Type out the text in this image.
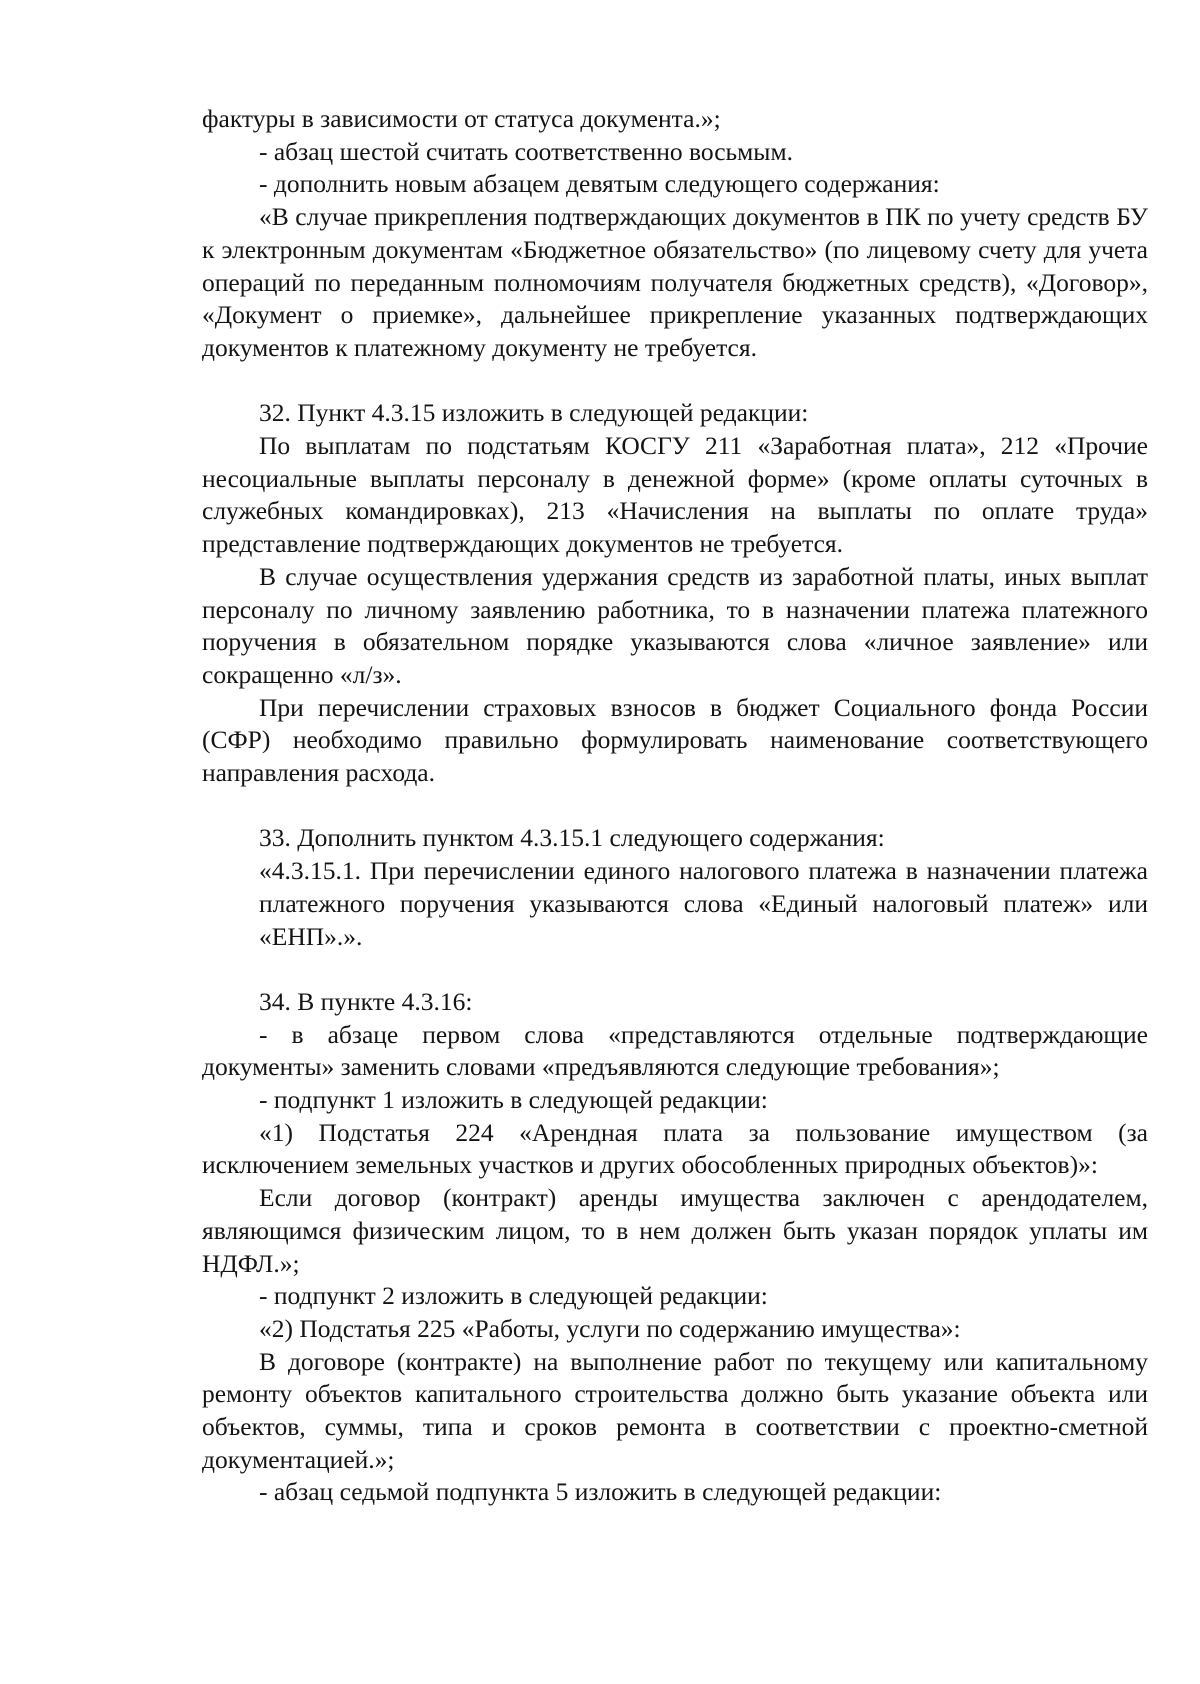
фактуры в зависимости от статуса документа.»;

- абзац шестой считать соответственно восьмым.

- дополнить новым абзацем девятым следующего содержания:

«В случае прикрепления подтверждающих документов в ПК по учету средств БУ к электронным документам «Бюджетное обязательство» (по лицевому счету для учета операций по переданным полномочиям получателя бюджетных средств), «Договор», «Документ о приемке», дальнейшее прикрепление указанных подтверждающих документов к платежному документу не требуется.

32. Пункт 4.3.15 изложить в следующей редакции:

По выплатам по подстатьям КОСГУ 211 «Заработная плата», 212 «Прочие несоциальные выплаты персоналу в денежной форме» (кроме оплаты суточных в служебных командировках), 213 «Начисления на выплаты по оплате труда» представление подтверждающих документов не требуется.

В случае осуществления удержания средств из заработной платы, иных выплат персоналу по личному заявлению работника, то в назначении платежа платежного поручения в обязательном порядке указываются слова «личное заявление» или сокращенно «л/з».

При перечислении страховых взносов в бюджет Социального фонда России (СФР) необходимо правильно формулировать наименование соответствующего направления расхода.

33. Дополнить пунктом 4.3.15.1 следующего содержания:

«4.3.15.1. При перечислении единого налогового платежа в назначении платежа платежного поручения указываются слова «Единый налоговый платеж» или «ЕНП».».

34. В пункте 4.3.16:

- в абзаце первом слова «представляются отдельные подтверждающие документы» заменить словами «предъявляются следующие требования»;

- подпункт 1 изложить в следующей редакции:

«1) Подстатья 224 «Арендная плата за пользование имуществом (за исключением земельных участков и других обособленных природных объектов)»:

Если договор (контракт) аренды имущества заключен с арендодателем, являющимся физическим лицом, то в нем должен быть указан порядок уплаты им НДФЛ.»;

- подпункт 2 изложить в следующей редакции:

«2) Подстатья 225 «Работы, услуги по содержанию имущества»:

В договоре (контракте) на выполнение работ по текущему или капитальному ремонту объектов капитального строительства должно быть указание объекта или объектов, суммы, типа и сроков ремонта в соответствии с проектно-сметной документацией.»;

- абзац седьмой подпункта 5 изложить в следующей редакции:
